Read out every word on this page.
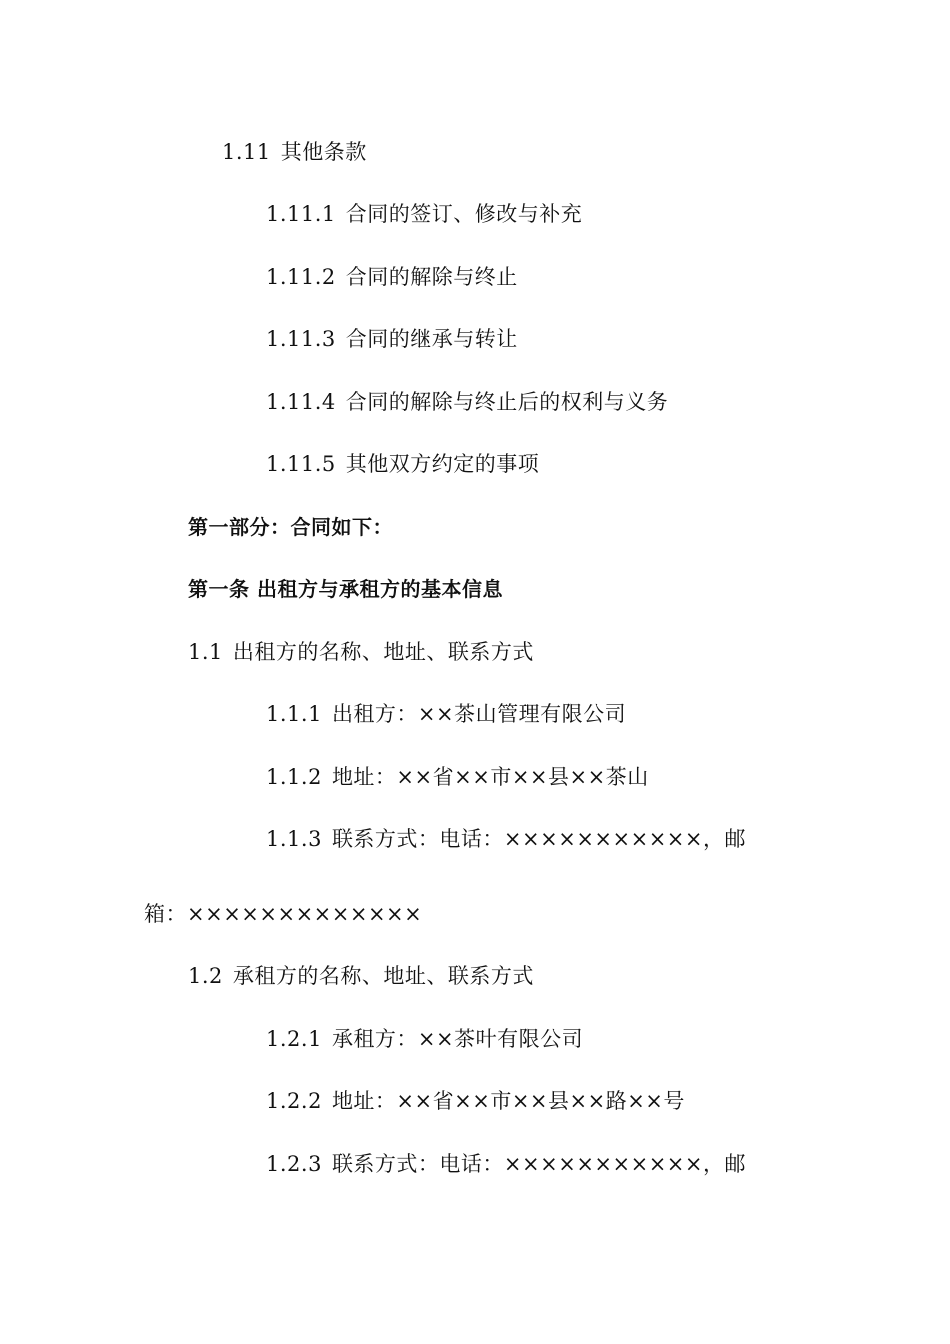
1.11 其他条款
1.11.1 合同的签订、修改与补充
1.11.2 合同的解除与终止
1.11.3 合同的继承与转让
1.11.4 合同的解除与终止后的权利与义务
1.11.5 其他双方约定的事项
第一部分：合同如下：
第一条 出租方与承租方的基本信息
1.1 出租方的名称、地址、联系方式
1.1.1 出租方：××茶山管理有限公司
1.1.2 地址：××省××市××县××茶山
1.1.3 联系方式：电话：×××××××××××，邮
箱：×××××××××××××
1.2 承租方的名称、地址、联系方式
1.2.1 承租方：××茶叶有限公司
1.2.2 地址：××省××市××县××路××号
1.2.3 联系方式：电话：×××××××××××，邮
